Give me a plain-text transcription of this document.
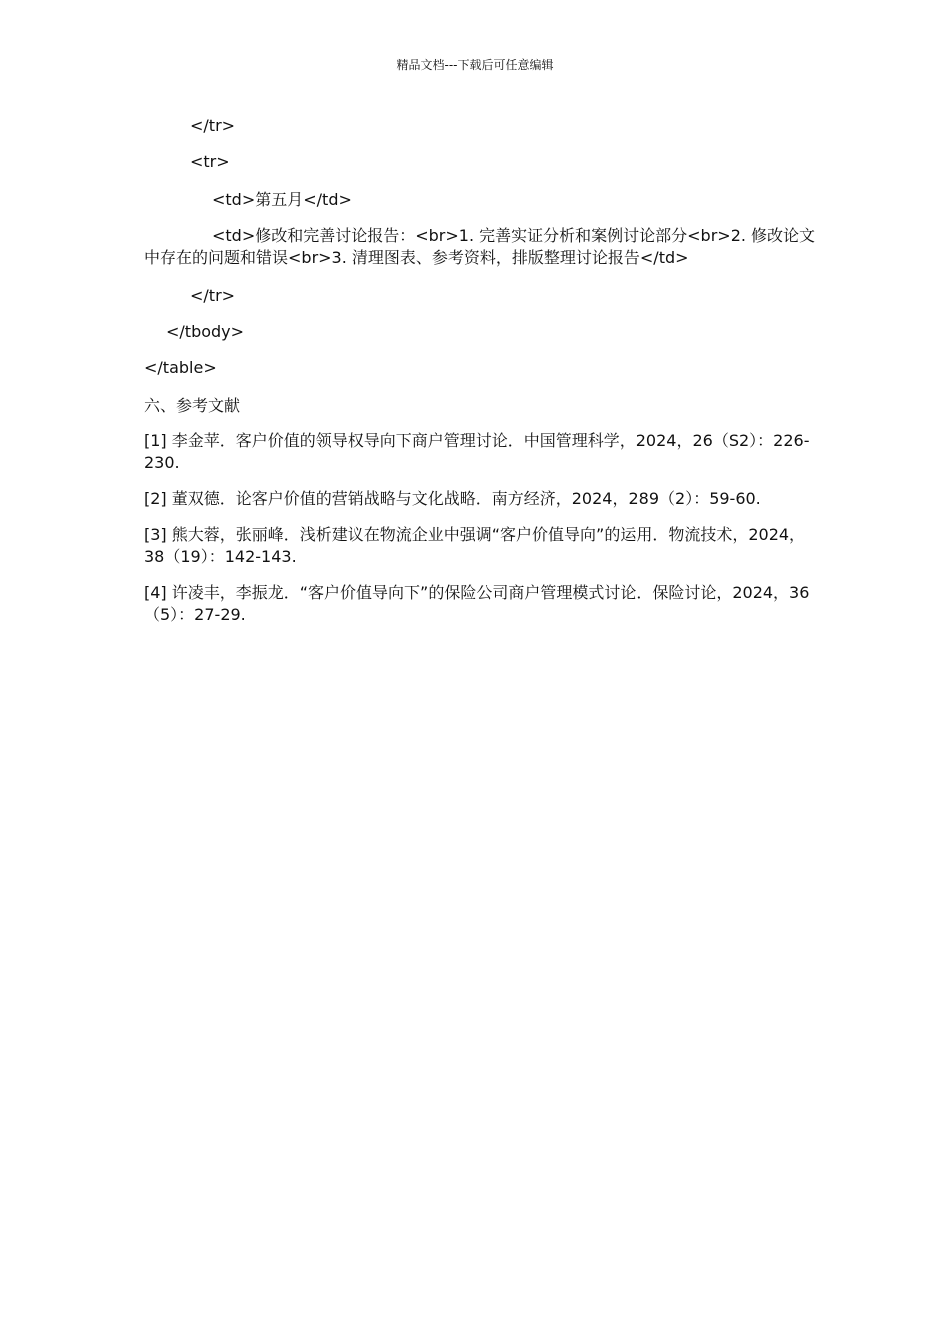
精品文档---下载后可任意编辑

</tr>

<tr>

<td>第五月</td>

<td>修改和完善讨论报告：<br>1. 完善实证分析和案例讨论部分<br>2. 修改论文中存在的问题和错误<br>3. 清理图表、参考资料，排版整理讨论报告</td>

</tr>

</tbody>

</table>

六、参考文献

[1] 李金苹．客户价值的领导权导向下商户管理讨论．中国管理科学，2024，26（S2）：226-230.

[2] 董双德．论客户价值的营销战略与文化战略．南方经济，2024，289（2）：59-60.

[3] 熊大蓉，张丽峰．浅析建议在物流企业中强调“客户价值导向”的运用．物流技术，2024，38（19）：142-143.

[4] 许凌丰，李振龙．“客户价值导向下”的保险公司商户管理模式讨论．保险讨论，2024，36（5）：27-29.
